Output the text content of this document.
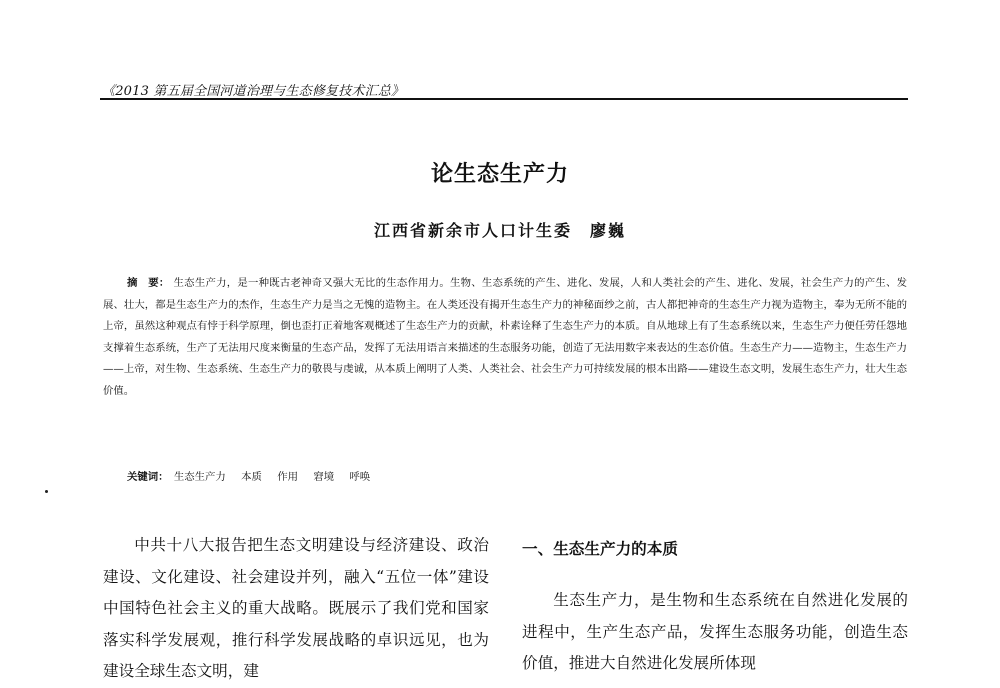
《2013 第五届全国河道治理与生态修复技术汇总》
论生态生产力
江西省新余市人口计生委 廖巍
摘　要： 生态生产力，是一种既古老神奇又强大无比的生态作用力。生物、生态系统的产生、进化、发展，人和人类社会的产生、进化、发展，社会生产力的产生、发展、壮大，都是生态生产力的杰作，生态生产力是当之无愧的造物主。在人类还没有揭开生态生产力的神秘面纱之前，古人都把神奇的生态生产力视为造物主，奉为无所不能的上帝，虽然这种观点有悖于科学原理，倒也歪打正着地客观概述了生态生产力的贡献，朴素诠释了生态生产力的本质。自从地球上有了生态系统以来，生态生产力便任劳任怨地支撑着生态系统，生产了无法用尺度来衡量的生态产品，发挥了无法用语言来描述的生态服务功能，创造了无法用数字来表达的生态价值。生态生产力——造物主，生态生产力——上帝，对生物、生态系统、生态生产力的敬畏与虔诚，从本质上阐明了人类、人类社会、社会生产力可持续发展的根本出路——建设生态文明，发展生态生产力，壮大生态价值。
关键词： 生态生产力 本质 作用 窘境 呼唤

中共十八大报告把生态文明建设与经济建设、政治建设、文化建设、社会建设并列，融入“五位一体”建设中国特色社会主义的重大战略。既展示了我们党和国家落实科学发展观，推行科学发展战略的卓识远见，也为建设全球生态文明，建

一、生态生产力的本质

生态生产力，是生物和生态系统在自然进化发展的进程中，生产生态产品，发挥生态服务功能，创造生态价值，推进大自然进化发展所体现
